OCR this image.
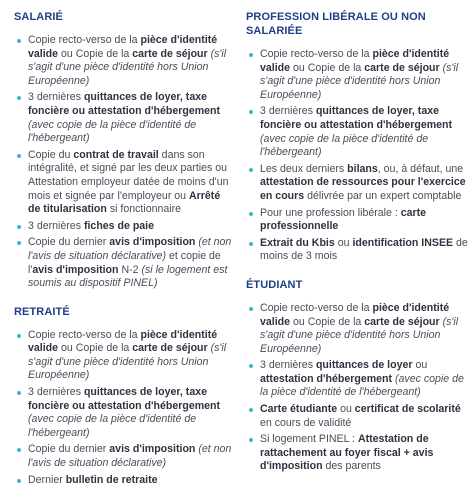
SALARIÉ
Copie recto-verso de la pièce d'identité valide ou Copie de la carte de séjour (s'il s'agit d'une pièce d'identité hors Union Européenne)
3 dernières quittances de loyer, taxe foncière ou attestation d'hébergement (avec copie de la pièce d'identité de l'hébergeant)
Copie du contrat de travail dans son intégralité, et signé par les deux parties ou Attestation employeur datée de moins d'un mois et signée par l'employeur ou Arrêté de titularisation si fonctionnaire
3 dernières fiches de paie
Copie du dernier avis d'imposition (et non l'avis de situation déclarative) et copie de l'avis d'imposition N-2 (si le logement est soumis au dispositif PINEL)
RETRAITÉ
Copie recto-verso de la pièce d'identité valide ou Copie de la carte de séjour (s'il s'agit d'une pièce d'identité hors Union Européenne)
3 dernières quittances de loyer, taxe foncière ou attestation d'hébergement (avec copie de la pièce d'identité de l'hébergeant)
Copie du dernier avis d'imposition (et non l'avis de situation déclarative)
Dernier bulletin de retraite
PROFESSION LIBÉRALE OU NON SALARIÉE
Copie recto-verso de la pièce d'identité valide ou Copie de la carte de séjour (s'il s'agit d'une pièce d'identité hors Union Européenne)
3 dernières quittances de loyer, taxe foncière ou attestation d'hébergement (avec copie de la pièce d'identité de l'hébergeant)
Les deux derniers bilans, ou, à défaut, une attestation de ressources pour l'exercice en cours délivrée par un expert comptable
Pour une profession libérale : carte professionnelle
Extrait du Kbis ou identification INSEE de moins de 3 mois
ÉTUDIANT
Copie recto-verso de la pièce d'identité valide ou Copie de la carte de séjour (s'il s'agit d'une pièce d'identité hors Union Européenne)
3 dernières quittances de loyer ou attestation d'hébergement (avec copie de la pièce d'identité de l'hébergeant)
Carte étudiante ou certificat de scolarité en cours de validité
Si logement PINEL : Attestation de rattachement au foyer fiscal + avis d'imposition des parents
